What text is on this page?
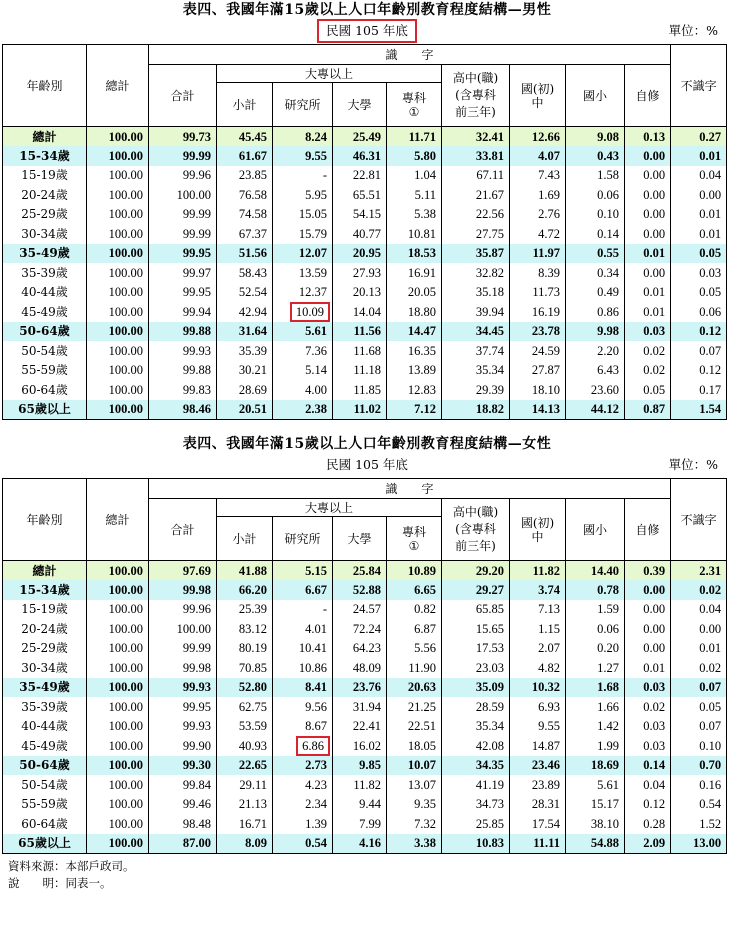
表四、我國年滿15歲以上人口年齡別教育程度結構—男性
民國 105 年底	單位：%
年齡別	總計	識　　字									不識字
		合計	大專以上				高中(職)
(含專科
前三年)	國(初)
中	國小	自修	
			小計	研究所	大學	專科
①					

總計	100.00	99.73	45.45	8.24	25.49	11.71	32.41	12.66	9.08	0.13	0.27
15-34歲	100.00	99.99	61.67	9.55	46.31	5.80	33.81	4.07	0.43	0.00	0.01
15-19歲	100.00	99.96	23.85	-	22.81	1.04	67.11	7.43	1.58	0.00	0.04
20-24歲	100.00	100.00	76.58	5.95	65.51	5.11	21.67	1.69	0.06	0.00	0.00
25-29歲	100.00	99.99	74.58	15.05	54.15	5.38	22.56	2.76	0.10	0.00	0.01
30-34歲	100.00	99.99	67.37	15.79	40.77	10.81	27.75	4.72	0.14	0.00	0.01
35-49歲	100.00	99.95	51.56	12.07	20.95	18.53	35.87	11.97	0.55	0.01	0.05
35-39歲	100.00	99.97	58.43	13.59	27.93	16.91	32.82	8.39	0.34	0.00	0.03
40-44歲	100.00	99.95	52.54	12.37	20.13	20.05	35.18	11.73	0.49	0.01	0.05
45-49歲	100.00	99.94	42.94	10.09	14.04	18.80	39.94	16.19	0.86	0.01	0.06
50-64歲	100.00	99.88	31.64	5.61	11.56	14.47	34.45	23.78	9.98	0.03	0.12
50-54歲	100.00	99.93	35.39	7.36	11.68	16.35	37.74	24.59	2.20	0.02	0.07
55-59歲	100.00	99.88	30.21	5.14	11.18	13.89	35.34	27.87	6.43	0.02	0.12
60-64歲	100.00	99.83	28.69	4.00	11.85	12.83	29.39	18.10	23.60	0.05	0.17
65歲以上	100.00	98.46	20.51	2.38	11.02	7.12	18.82	14.13	44.12	0.87	1.54
表四、我國年滿15歲以上人口年齡別教育程度結構—女性
民國 105 年底	單位：%
年齡別	總計	識　　字									不識字
		合計	大專以上				高中(職)
(含專科
前三年)	國(初)
中	國小	自修	
			小計	研究所	大學	專科
①					

總計	100.00	97.69	41.88	5.15	25.84	10.89	29.20	11.82	14.40	0.39	2.31
15-34歲	100.00	99.98	66.20	6.67	52.88	6.65	29.27	3.74	0.78	0.00	0.02
15-19歲	100.00	99.96	25.39	-	24.57	0.82	65.85	7.13	1.59	0.00	0.04
20-24歲	100.00	100.00	83.12	4.01	72.24	6.87	15.65	1.15	0.06	0.00	0.00
25-29歲	100.00	99.99	80.19	10.41	64.23	5.56	17.53	2.07	0.20	0.00	0.01
30-34歲	100.00	99.98	70.85	10.86	48.09	11.90	23.03	4.82	1.27	0.01	0.02
35-49歲	100.00	99.93	52.80	8.41	23.76	20.63	35.09	10.32	1.68	0.03	0.07
35-39歲	100.00	99.95	62.75	9.56	31.94	21.25	28.59	6.93	1.66	0.02	0.05
40-44歲	100.00	99.93	53.59	8.67	22.41	22.51	35.34	9.55	1.42	0.03	0.07
45-49歲	100.00	99.90	40.93	6.86	16.02	18.05	42.08	14.87	1.99	0.03	0.10
50-64歲	100.00	99.30	22.65	2.73	9.85	10.07	34.35	23.46	18.69	0.14	0.70
50-54歲	100.00	99.84	29.11	4.23	11.82	13.07	41.19	23.89	5.61	0.04	0.16
55-59歲	100.00	99.46	21.13	2.34	9.44	9.35	34.73	28.31	15.17	0.12	0.54
60-64歲	100.00	98.48	16.71	1.39	7.99	7.32	25.85	17.54	38.10	0.28	1.52
65歲以上	100.00	87.00	8.09	0.54	4.16	3.38	10.83	11.11	54.88	2.09	13.00
資料來源：本部戶政司。
說　　明：同表一。
